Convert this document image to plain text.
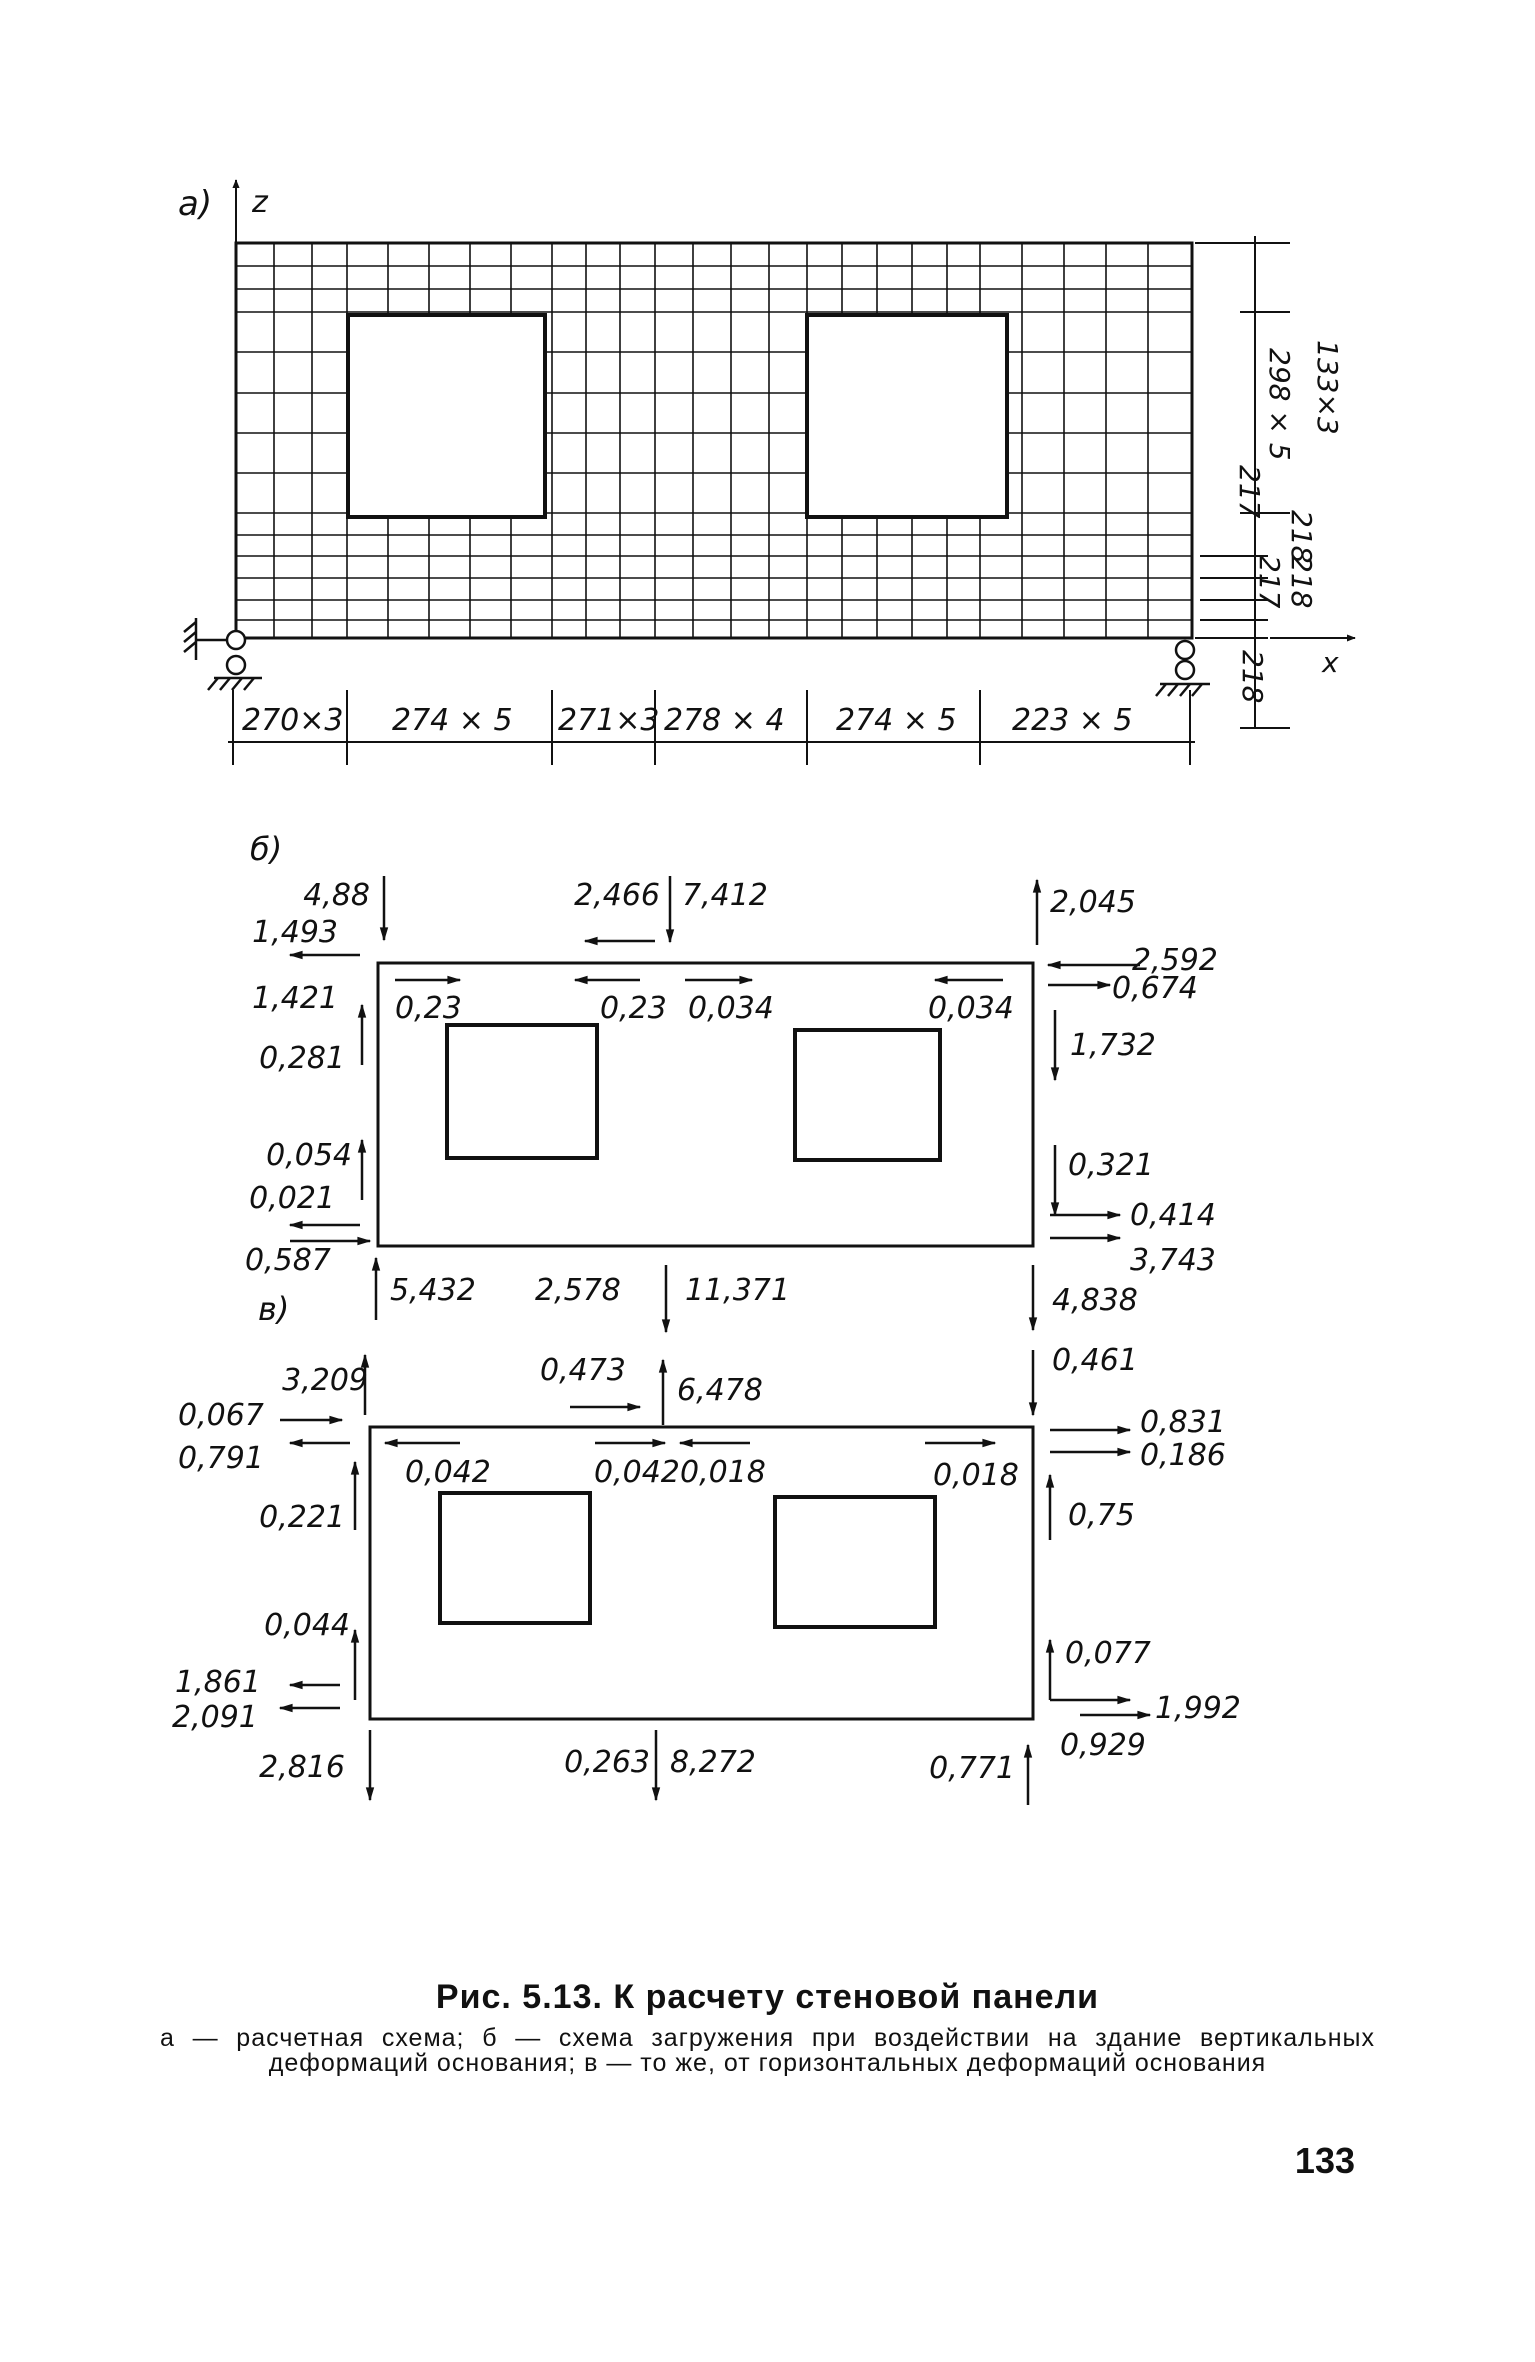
а) z
x
270×3 274 × 5 271×3 278 × 4 274 × 5 223 × 5
133×3
298 × 5
217
218
217 218
218
б)
4,88
1,493
1,421
0,281
0,054
0,021
0,587
2,466 7,412
0,23	0,23 0,034	0,034
2,045
2,592
0,674
1,732
0,321
0,414
3,743
4,838
5,432 2,578 11,371
в)
3,209
0,067
0,791
0,221
0,044
1,861
2,091
2,816
0,473
6,478
0,042	0,042 0,018	0,018
0,263 8,272	0,771
0,461
0,831
0,186
0,75
0,077
1,992
0,929
Рис. 5.13. К расчету стеновой панели
а — расчетная схема; б — схема загружения при воздействии на здание вертикальных деформаций основания; в — то же, от горизонтальных деформаций основания
133
